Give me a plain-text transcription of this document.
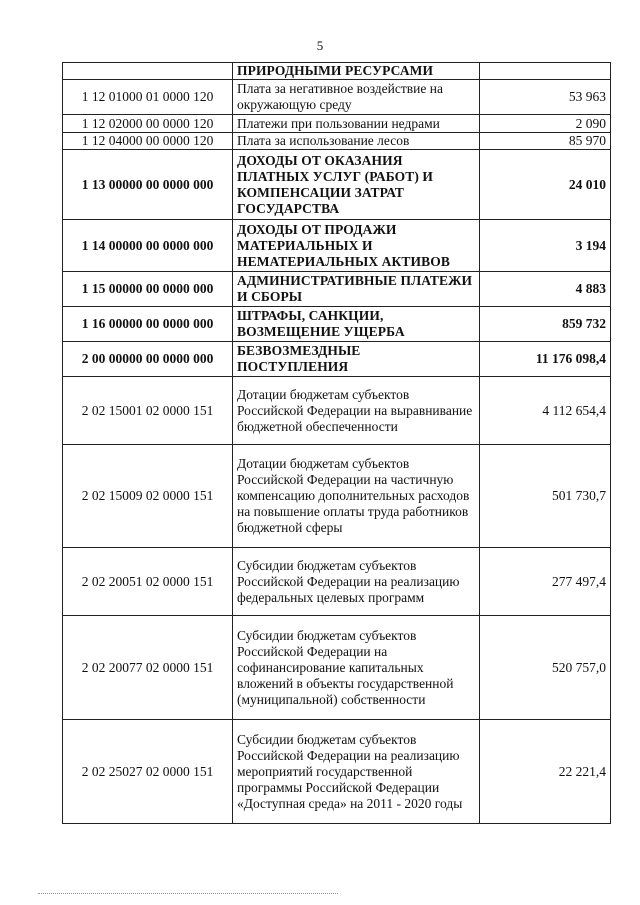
5
	ПРИРОДНЫМИ РЕСУРСАМИ	
1 12 01000 01 0000 120	Плата за негативное воздействие на окружающую среду	53 963
1 12 02000 00 0000 120	Платежи при пользовании недрами	2 090
1 12 04000 00 0000 120	Плата за использование лесов	85 970
1 13 00000 00 0000 000	ДОХОДЫ ОТ ОКАЗАНИЯ ПЛАТНЫХ УСЛУГ (РАБОТ) И КОМПЕНСАЦИИ ЗАТРАТ ГОСУДАРСТВА	24 010
1 14 00000 00 0000 000	ДОХОДЫ ОТ ПРОДАЖИ МАТЕРИАЛЬНЫХ И НЕМАТЕРИАЛЬНЫХ АКТИВОВ	3 194
1 15 00000 00 0000 000	АДМИНИСТРАТИВНЫЕ ПЛАТЕЖИ И СБОРЫ	4 883
1 16 00000 00 0000 000	ШТРАФЫ, САНКЦИИ, ВОЗМЕЩЕНИЕ УЩЕРБА	859 732
2 00 00000 00 0000 000	БЕЗВОЗМЕЗДНЫЕ ПОСТУПЛЕНИЯ	11 176 098,4
2 02 15001 02 0000 151	Дотации бюджетам субъектов Российской Федерации на выравнивание бюджетной обеспеченности	4 112 654,4
2 02 15009 02 0000 151	Дотации бюджетам субъектов Российской Федерации на частичную компенсацию дополнительных расходов на повышение оплаты труда работников бюджетной сферы	501 730,7
2 02 20051 02 0000 151	Субсидии бюджетам субъектов Российской Федерации на реализацию федеральных целевых программ	277 497,4
2 02 20077 02 0000 151	Субсидии бюджетам субъектов Российской Федерации на софинансирование капитальных вложений в объекты государственной (муниципальной) собственности	520 757,0
2 02 25027 02 0000 151	Субсидии бюджетам субъектов Российской Федерации на реализацию мероприятий государственной программы Российской Федерации «Доступная среда» на 2011 - 2020 годы	22 221,4
